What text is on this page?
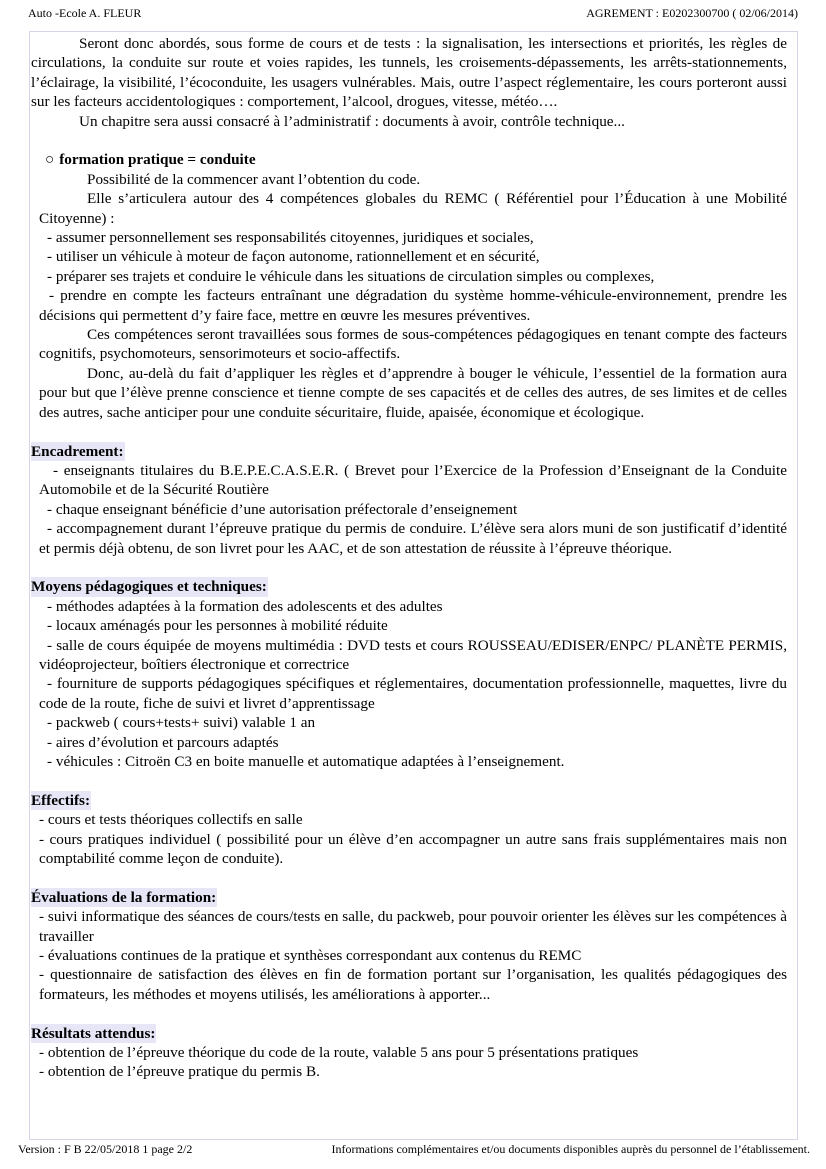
Auto -Ecole A. FLEUR	AGREMENT : E0202300700 ( 02/06/2014)

Seront donc abordés, sous forme de cours et de tests : la signalisation, les intersections et priorités, les règles de circulations, la conduite sur route et voies rapides, les tunnels, les croisements-dépassements, les arrêts-stationnements, l’éclairage, la visibilité, l’écoconduite, les usagers vulnérables. Mais, outre l’aspect réglementaire, les cours porteront aussi sur les facteurs accidentologiques : comportement, l’alcool, drogues, vitesse, météo….

Un chapitre sera aussi consacré à l’administratif : documents à avoir, contrôle technique...

○ formation pratique = conduite

Possibilité de la commencer avant l’obtention du code.

Elle s’articulera autour des 4 compétences globales du REMC ( Référentiel pour l’Éducation à une Mobilité Citoyenne) :

- assumer personnellement ses responsabilités citoyennes, juridiques et sociales,

- utiliser un véhicule à moteur de façon autonome, rationnellement et en sécurité,

- préparer ses trajets et conduire le véhicule dans les situations de circulation simples ou complexes,

- prendre en compte les facteurs entraînant une dégradation du système homme-véhicule-environnement, prendre les décisions qui permettent d’y faire face, mettre en œuvre les mesures préventives.

Ces compétences seront travaillées sous formes de sous-compétences pédagogiques en tenant compte des facteurs cognitifs, psychomoteurs, sensorimoteurs et socio-affectifs.

Donc, au-delà du fait d’appliquer les règles et d’apprendre à bouger le véhicule, l’essentiel de la formation aura pour but que l’élève prenne conscience et tienne compte de ses capacités et de celles des autres, de ses limites et de celles des autres, sache anticiper pour une conduite sécuritaire, fluide, apaisée, économique et écologique.

Encadrement:

- enseignants titulaires du B.E.P.E.C.A.S.E.R. ( Brevet pour l’Exercice de la Profession d’Enseignant de la Conduite Automobile et de la Sécurité Routière

- chaque enseignant bénéficie d’une autorisation préfectorale d’enseignement

- accompagnement durant l’épreuve pratique du permis de conduire. L’élève sera alors muni de son justificatif d’identité et permis déjà obtenu, de son livret pour les AAC, et de son attestation de réussite à l’épreuve théorique.

Moyens pédagogiques et techniques:

- méthodes adaptées à la formation des adolescents et des adultes

- locaux aménagés pour les personnes à mobilité réduite

- salle de cours équipée de moyens multimédia : DVD tests et cours ROUSSEAU/EDISER/ENPC/ PLANÈTE PERMIS, vidéoprojecteur, boîtiers électronique et correctrice

- fourniture de supports pédagogiques spécifiques et réglementaires, documentation professionnelle, maquettes, livre du code de la route, fiche de suivi et livret d’apprentissage

- packweb ( cours+tests+ suivi) valable 1 an

- aires d’évolution et parcours adaptés

- véhicules : Citroën C3 en boite manuelle et automatique adaptées à l’enseignement.

Effectifs:

- cours et tests théoriques collectifs en salle

- cours pratiques individuel ( possibilité pour un élève d’en accompagner un autre sans frais supplémentaires mais non comptabilité comme leçon de conduite).

Évaluations de la formation:

- suivi informatique des séances de cours/tests en salle, du packweb, pour pouvoir orienter les élèves sur les compétences à travailler

- évaluations continues de la pratique et synthèses correspondant aux contenus du REMC

- questionnaire de satisfaction des élèves en fin de formation portant sur l’organisation, les qualités pédagogiques des formateurs, les méthodes et moyens utilisés, les améliorations à apporter...

Résultats attendus:

- obtention de l’épreuve théorique du code de la route, valable 5 ans pour 5 présentations pratiques

- obtention de l’épreuve pratique du permis B.

Version : F B 22/05/2018 1 page 2/2	Informations complémentaires et/ou documents disponibles auprès du personnel de l’établissement.
